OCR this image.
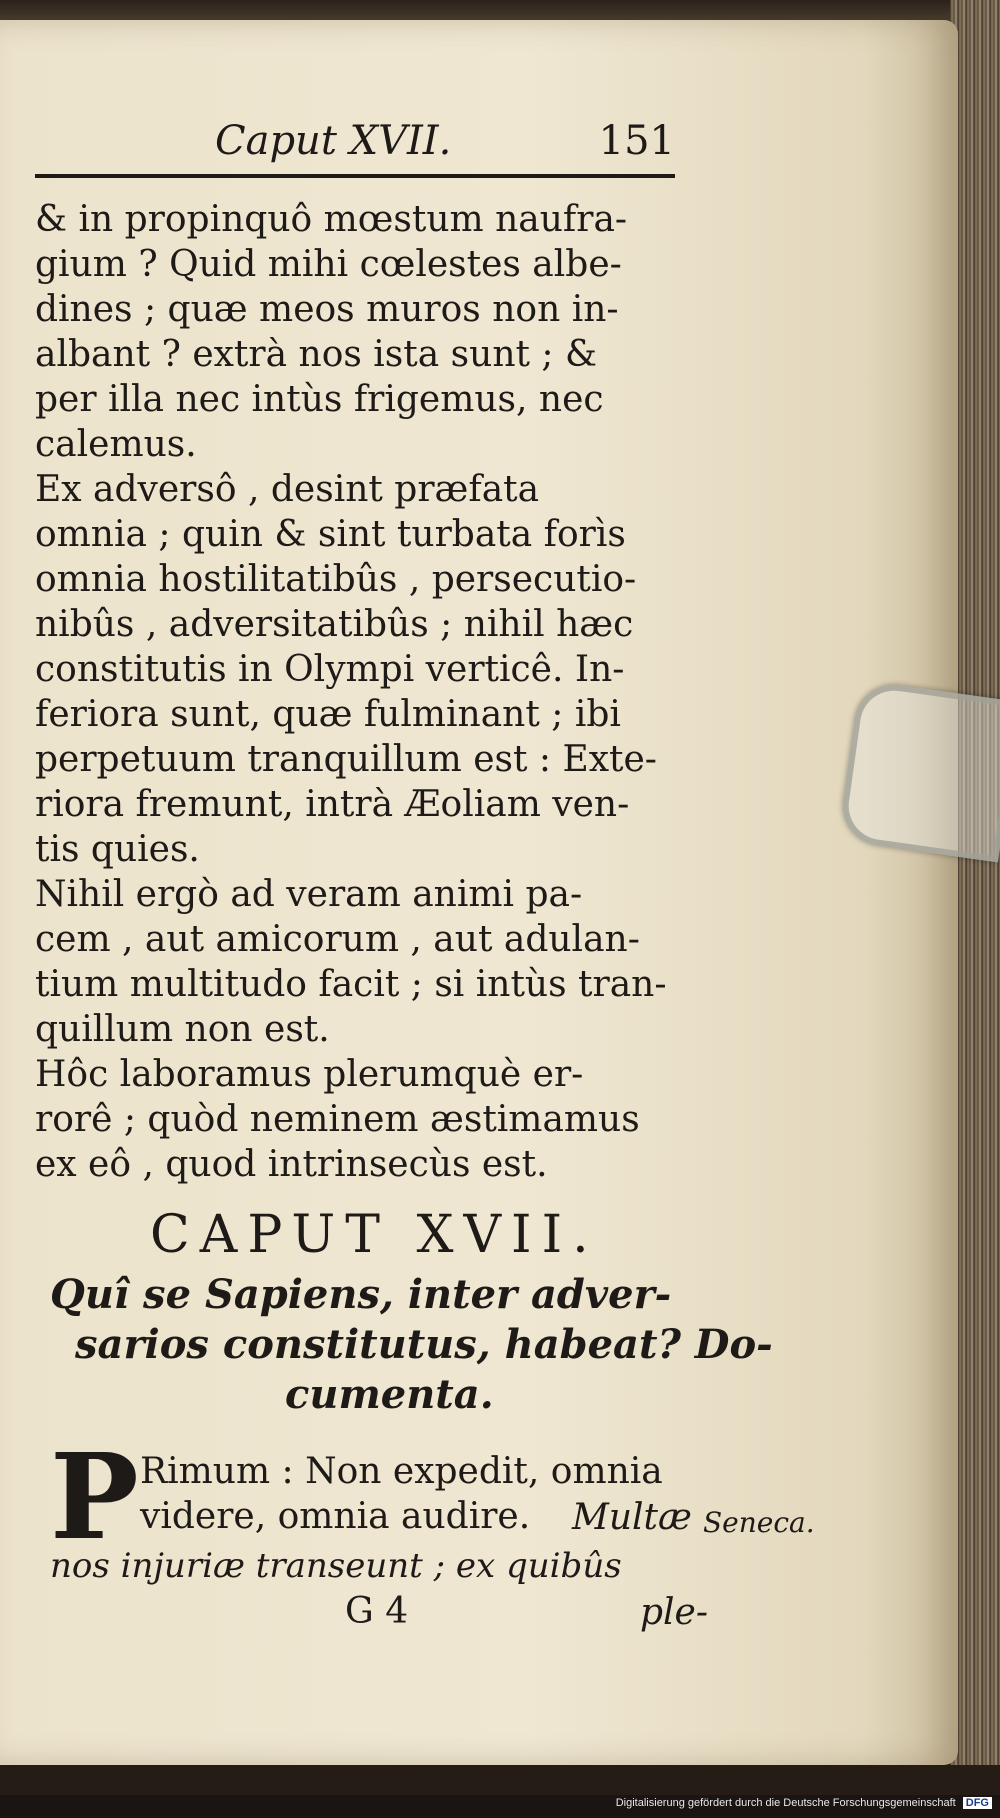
Caput XVII.	151
& in propinquô mœstum naufra-
gium ? Quid mihi cœlestes albe-
dines ; quæ meos muros non in-
albant ? extrà nos ista sunt ; &
per illa nec intùs frigemus, nec
calemus.
Ex adversô , desint præfata
omnia ; quin & sint turbata forìs
omnia hostilitatibûs , persecutio-
nibûs , adversitatibûs ; nihil hæc
constitutis in Olympi verticê. In-
feriora sunt, quæ fulminant ; ibi
perpetuum tranquillum est : Exte-
riora fremunt, intrà Æoliam ven-
tis quies.
Nihil ergò ad veram animi pa-
cem , aut amicorum , aut adulan-
tium multitudo facit ; si intùs tran-
quillum non est.
Hôc laboramus plerumquè er-
rorê ; quòd neminem æstimamus
ex eô , quod intrinsecùs est.
CAPUT XVII.
Quî se Sapiens, inter adver-
sarios constitutus, habeat? Do-
cumenta.
P Rimum : Non expedit, omnia
videre, omnia audire.	Multæ Seneca.
nos injuriæ transeunt ; ex quibûs
G 4	ple-
Digitalisierung gefördert durch die Deutsche Forschungsgemeinschaft DFG
